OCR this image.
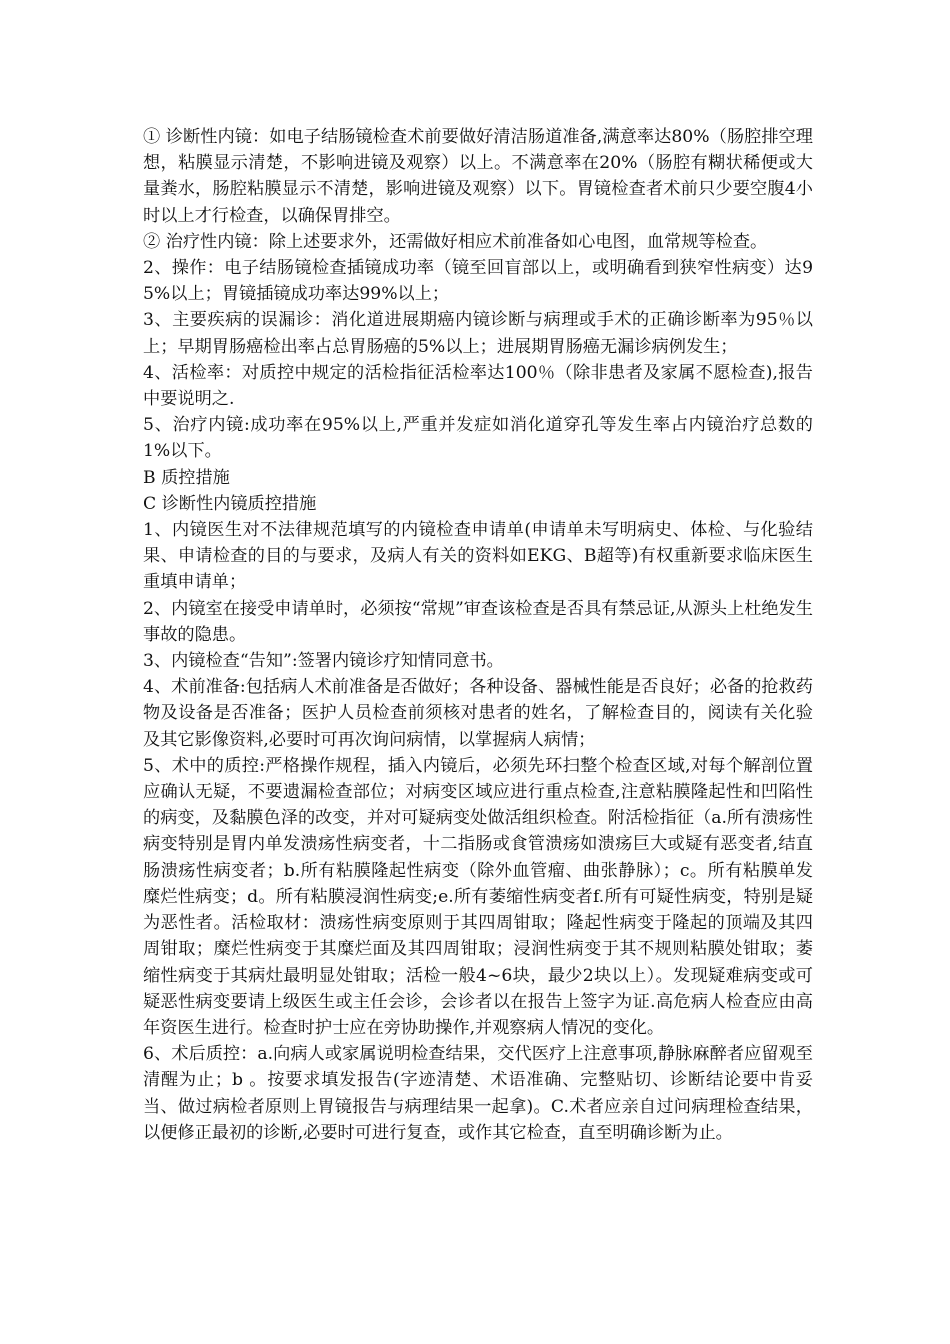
① 诊断性内镜：如电子结肠镜检查术前要做好清洁肠道准备,满意率达80%（肠腔排空理想，粘膜显示清楚，不影响进镜及观察）以上。不满意率在20%（肠腔有糊状稀便或大量粪水，肠腔粘膜显示不清楚，影响进镜及观察）以下。胃镜检查者术前只少要空腹4小时以上才行检查，以确保胃排空。

② 治疗性内镜：除上述要求外，还需做好相应术前准备如心电图，血常规等检查。

2、操作：电子结肠镜检查插镜成功率（镜至回盲部以上，或明确看到狭窄性病变）达95%以上；胃镜插镜成功率达99%以上；

3、主要疾病的误漏诊：消化道进展期癌内镜诊断与病理或手术的正确诊断率为95％以上；早期胃肠癌检出率占总胃肠癌的5%以上；进展期胃肠癌无漏诊病例发生；

4、活检率：对质控中规定的活检指征活检率达100％（除非患者及家属不愿检查),报告中要说明之.

5、治疗内镜:成功率在95%以上,严重并发症如消化道穿孔等发生率占内镜治疗总数的1%以下。

B 质控措施

C 诊断性内镜质控措施

1、内镜医生对不法律规范填写的内镜检查申请单(申请单未写明病史、体检、与化验结果、申请检查的目的与要求，及病人有关的资料如EKG、B超等)有权重新要求临床医生重填申请单；

2、内镜室在接受申请单时，必须按“常规”审查该检查是否具有禁忌证,从源头上杜绝发生事故的隐患。

3、内镜检查“告知”:签署内镜诊疗知情同意书。

4、术前准备:包括病人术前准备是否做好；各种设备、器械性能是否良好；必备的抢救药物及设备是否准备；医护人员检查前须核对患者的姓名，了解检查目的，阅读有关化验及其它影像资料,必要时可再次询问病情，以掌握病人病情；

5、术中的质控:严格操作规程，插入内镜后，必须先环扫整个检查区域,对每个解剖位置应确认无疑，不要遗漏检查部位；对病变区域应进行重点检查,注意粘膜隆起性和凹陷性的病变，及黏膜色泽的改变，并对可疑病变处做活组织检查。附活检指征（a.所有溃疡性病变特别是胃内单发溃疡性病变者，十二指肠或食管溃疡如溃疡巨大或疑有恶变者,结直肠溃疡性病变者；b.所有粘膜隆起性病变（除外血管瘤、曲张静脉）；c。所有粘膜单发糜烂性病变；d。所有粘膜浸润性病变;e.所有萎缩性病变者f.所有可疑性病变，特别是疑为恶性者。活检取材：溃疡性病变原则于其四周钳取；隆起性病变于隆起的顶端及其四周钳取；糜烂性病变于其糜烂面及其四周钳取；浸润性病变于其不规则粘膜处钳取；萎缩性病变于其病灶最明显处钳取；活检一般4~6块，最少2块以上）。发现疑难病变或可疑恶性病变要请上级医生或主任会诊，会诊者以在报告上签字为证.高危病人检查应由高年资医生进行。检查时护士应在旁协助操作,并观察病人情况的变化。

6、术后质控：a.向病人或家属说明检查结果，交代医疗上注意事项,静脉麻醉者应留观至清醒为止；b 。按要求填发报告(字迹清楚、术语准确、完整贴切、诊断结论要中肯妥当、做过病检者原则上胃镜报告与病理结果一起拿)。C.术者应亲自过问病理检查结果，以便修正最初的诊断,必要时可进行复查，或作其它检查，直至明确诊断为止。
